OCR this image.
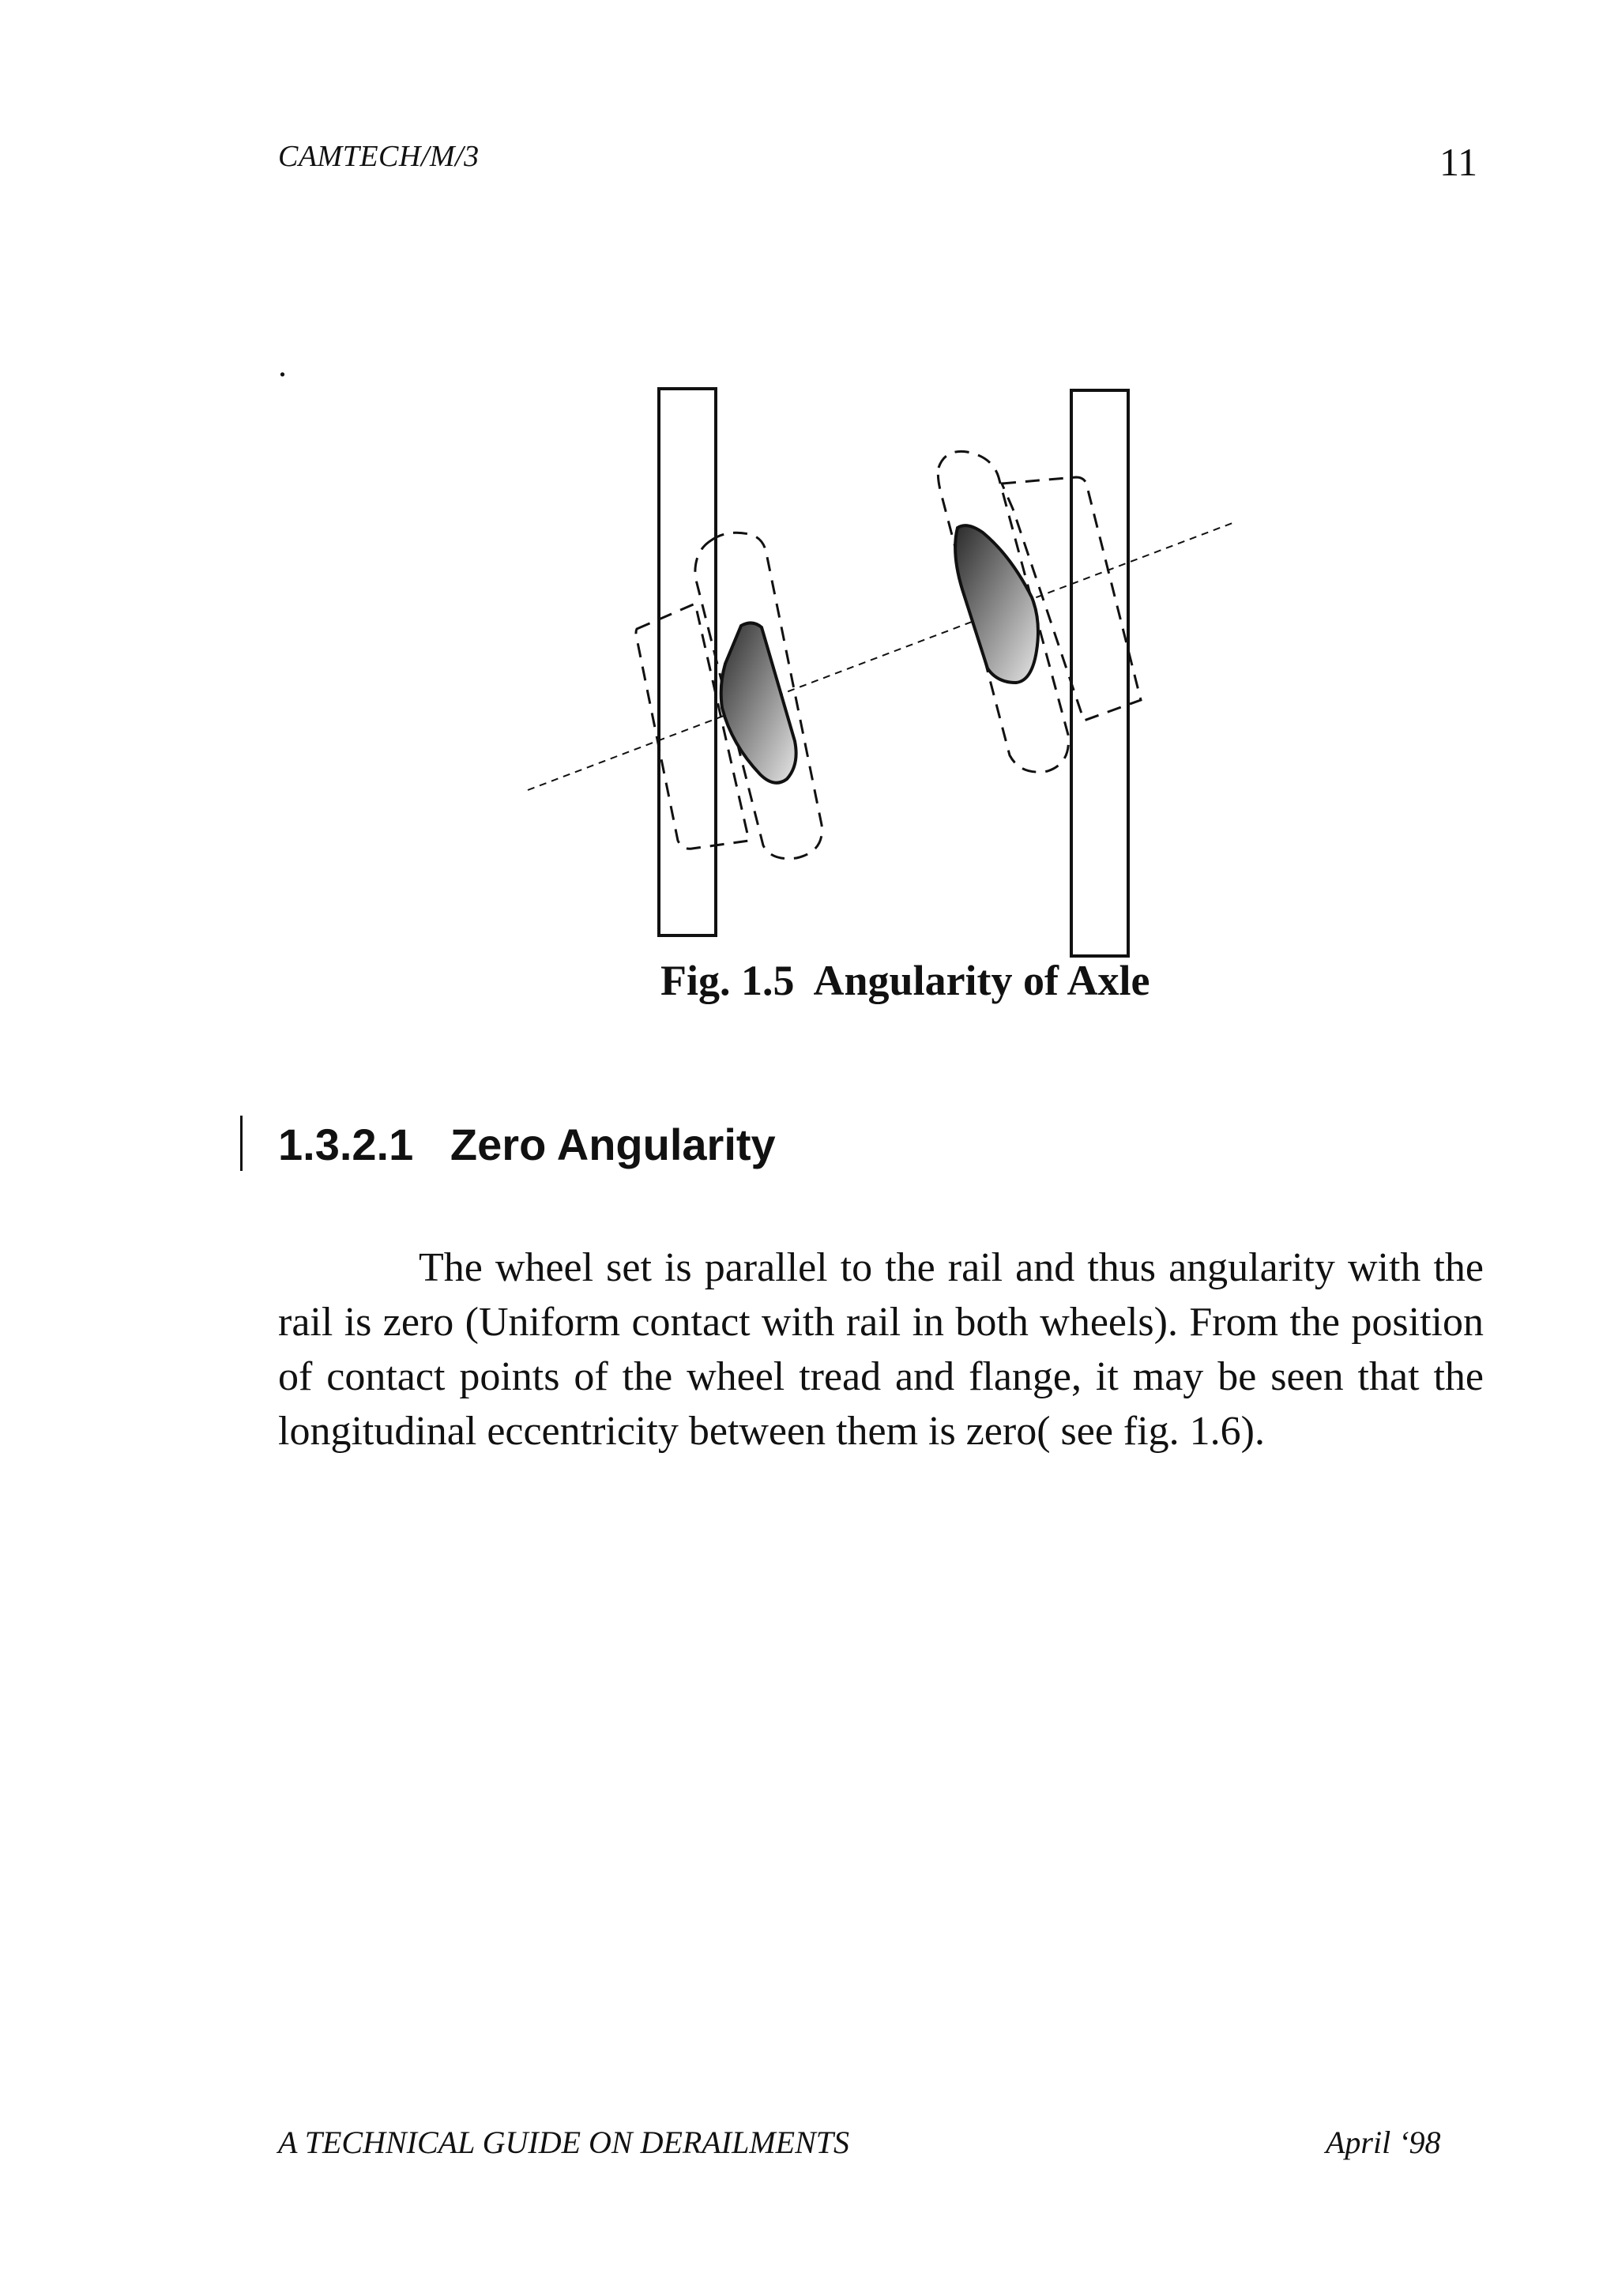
CAMTECH/M/3	11
.
Fig. 1.5  Angularity of Axle
1.3.2.1   Zero Angularity
The wheel set is parallel to the rail and thus angularity with the rail is zero (Uniform contact with rail in both wheels). From the position of contact points of the wheel tread and flange, it may be seen that the longitudinal eccentricity between them is zero( see fig. 1.6).
A TECHNICAL GUIDE ON DERAILMENTS	April ‘98
